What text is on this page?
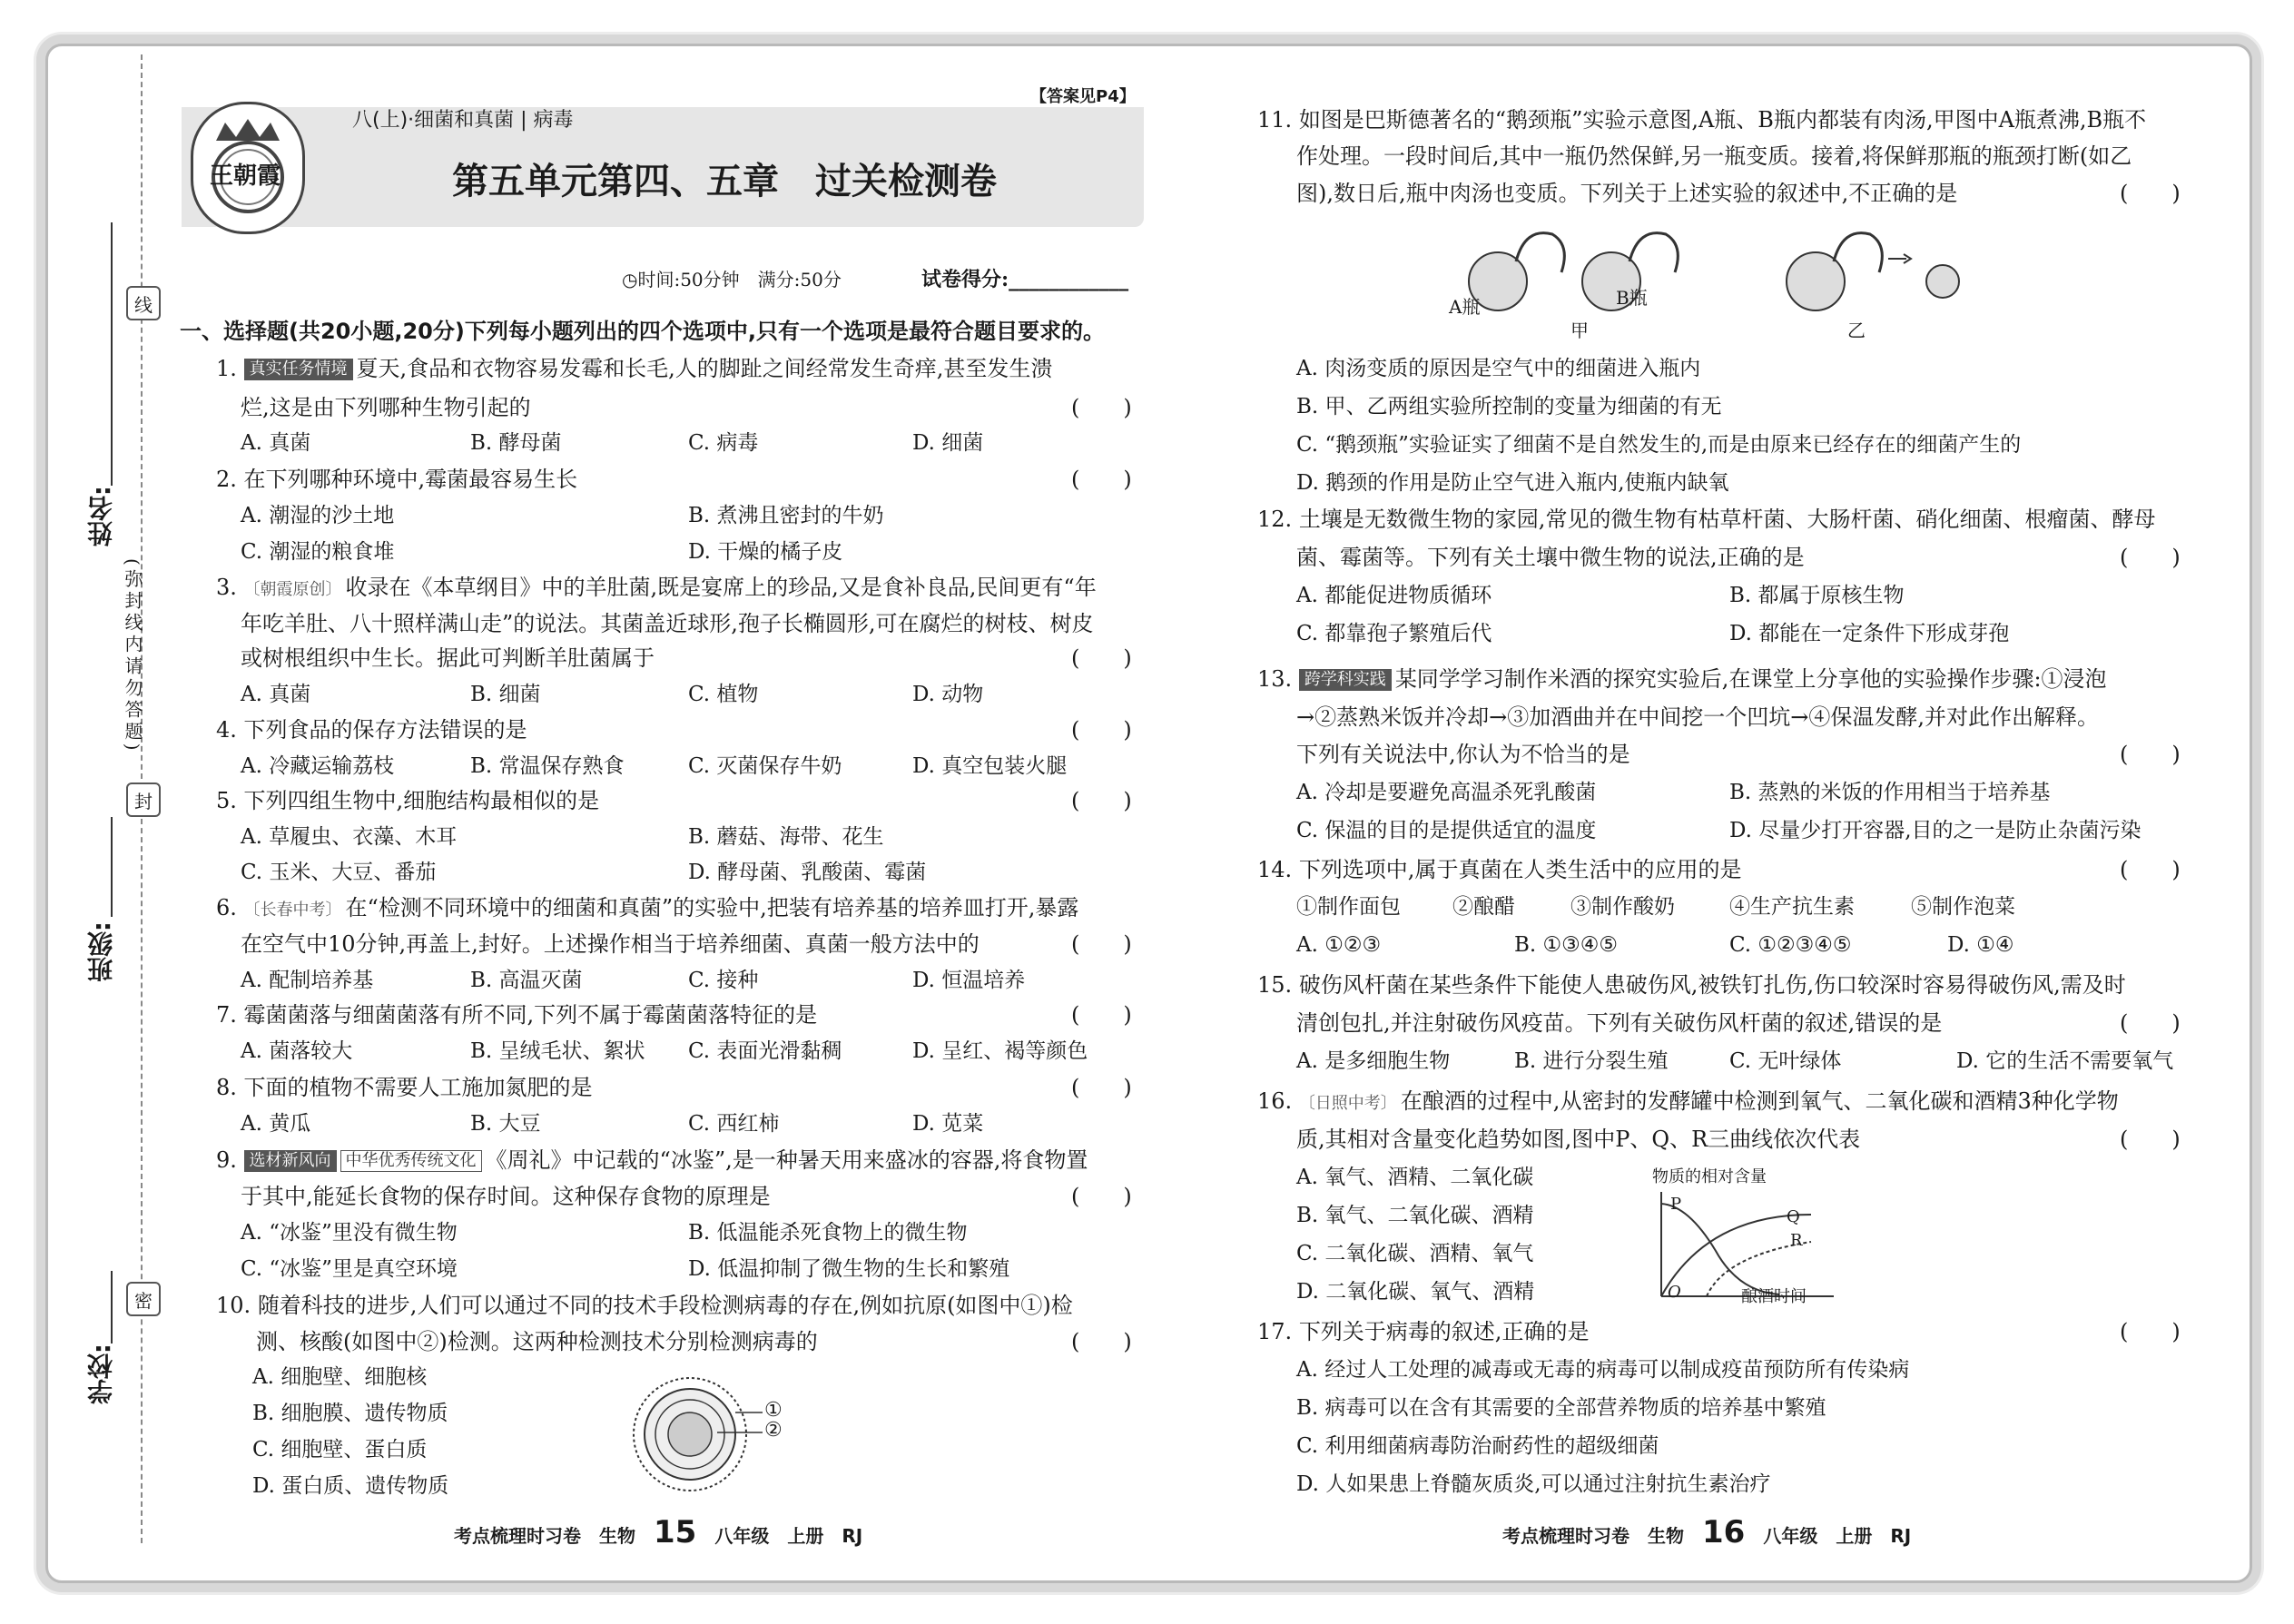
线
封
密
(弥封线内请勿答题)
姓名:
班级:
学校:
王朝霞
八(上)·细菌和真菌 | 病毒
【答案见P4】
第五单元第四、五章　过关检测卷
◷时间:50分钟　满分:50分	试卷得分:____________
一、选择题(共20小题,20分)下列每小题列出的四个选项中,只有一个选项是最符合题目要求的。
1. 真实任务情境 夏天,食品和衣物容易发霉和长毛,人的脚趾之间经常发生奇痒,甚至发生溃
烂,这是由下列哪种生物引起的	(　　)
A. 真菌	B. 酵母菌	C. 病毒	D. 细菌
2. 在下列哪种环境中,霉菌最容易生长	(　　)
A. 潮湿的沙土地	B. 煮沸且密封的牛奶
C. 潮湿的粮食堆	D. 干燥的橘子皮
3. 〔朝霞原创〕 收录在《本草纲目》中的羊肚菌,既是宴席上的珍品,又是食补良品,民间更有“年
年吃羊肚、八十照样满山走”的说法。其菌盖近球形,孢子长椭圆形,可在腐烂的树枝、树皮
或树根组织中生长。据此可判断羊肚菌属于	(　　)
A. 真菌	B. 细菌	C. 植物	D. 动物
4. 下列食品的保存方法错误的是	(　　)
A. 冷藏运输荔枝	B. 常温保存熟食	C. 灭菌保存牛奶	D. 真空包装火腿
5. 下列四组生物中,细胞结构最相似的是	(　　)
A. 草履虫、衣藻、木耳	B. 蘑菇、海带、花生
C. 玉米、大豆、番茄	D. 酵母菌、乳酸菌、霉菌
6. 〔长春中考〕 在“检测不同环境中的细菌和真菌”的实验中,把装有培养基的培养皿打开,暴露
在空气中10分钟,再盖上,封好。上述操作相当于培养细菌、真菌一般方法中的	(　　)
A. 配制培养基	B. 高温灭菌	C. 接种	D. 恒温培养
7. 霉菌菌落与细菌菌落有所不同,下列不属于霉菌菌落特征的是	(　　)
A. 菌落较大	B. 呈绒毛状、絮状 C. 表面光滑黏稠	D. 呈红、褐等颜色
8. 下面的植物不需要人工施加氮肥的是	(　　)
A. 黄瓜	B. 大豆	C. 西红柿	D. 苋菜
9. 选材新风向 中华优秀传统文化 《周礼》中记载的“冰鉴”,是一种暑天用来盛冰的容器,将食物置
于其中,能延长食物的保存时间。这种保存食物的原理是	(　　)
A. “冰鉴”里没有微生物	B. 低温能杀死食物上的微生物
C. “冰鉴”里是真空环境	D. 低温抑制了微生物的生长和繁殖
10. 随着科技的进步,人们可以通过不同的技术手段检测病毒的存在,例如抗原(如图中①)检
测、核酸(如图中②)检测。这两种检测技术分别检测病毒的	(　　)
A. 细胞壁、细胞核
B. 细胞膜、遗传物质
C. 细胞壁、蛋白质
D. 蛋白质、遗传物质
①
②
考点梳理时习卷　生物 15 八年级　上册　RJ
11. 如图是巴斯德著名的“鹅颈瓶”实验示意图,A瓶、B瓶内都装有肉汤,甲图中A瓶煮沸,B瓶不
作处理。一段时间后,其中一瓶仍然保鲜,另一瓶变质。接着,将保鲜那瓶的瓶颈打断(如乙
图),数日后,瓶中肉汤也变质。下列关于上述实验的叙述中,不正确的是	(　　)
A瓶	B瓶
甲	乙
A. 肉汤变质的原因是空气中的细菌进入瓶内
B. 甲、乙两组实验所控制的变量为细菌的有无
C. “鹅颈瓶”实验证实了细菌不是自然发生的,而是由原来已经存在的细菌产生的
D. 鹅颈的作用是防止空气进入瓶内,使瓶内缺氧
12. 土壤是无数微生物的家园,常见的微生物有枯草杆菌、大肠杆菌、硝化细菌、根瘤菌、酵母
菌、霉菌等。下列有关土壤中微生物的说法,正确的是	(　　)
A. 都能促进物质循环	B. 都属于原核生物
C. 都靠孢子繁殖后代	D. 都能在一定条件下形成芽孢
13. 跨学科实践 某同学学习制作米酒的探究实验后,在课堂上分享他的实验操作步骤:①浸泡
→②蒸熟米饭并冷却→③加酒曲并在中间挖一个凹坑→④保温发酵,并对此作出解释。
下列有关说法中,你认为不恰当的是	(　　)
A. 冷却是要避免高温杀死乳酸菌	B. 蒸熟的米饭的作用相当于培养基
C. 保温的目的是提供适宜的温度	D. 尽量少打开容器,目的之一是防止杂菌污染
14. 下列选项中,属于真菌在人类生活中的应用的是	(　　)
①制作面包 ②酿醋	③制作酸奶	④生产抗生素	⑤制作泡菜
A. ①②③	B. ①③④⑤	C. ①②③④⑤	D. ①④
15. 破伤风杆菌在某些条件下能使人患破伤风,被铁钉扎伤,伤口较深时容易得破伤风,需及时
清创包扎,并注射破伤风疫苗。下列有关破伤风杆菌的叙述,错误的是	(　　)
A. 是多细胞生物	B. 进行分裂生殖	C. 无叶绿体	D. 它的生活不需要氧气
16. 〔日照中考〕 在酿酒的过程中,从密封的发酵罐中检测到氧气、二氧化碳和酒精3种化学物
质,其相对含量变化趋势如图,图中P、Q、R三曲线依次代表	(　　)
A. 氧气、酒精、二氧化碳
B. 氧气、二氧化碳、酒精
C. 二氧化碳、酒精、氧气
D. 二氧化碳、氧气、酒精
物质的相对含量
P
Q
R
O	酿酒时间
17. 下列关于病毒的叙述,正确的是	(　　)
A. 经过人工处理的减毒或无毒的病毒可以制成疫苗预防所有传染病
B. 病毒可以在含有其需要的全部营养物质的培养基中繁殖
C. 利用细菌病毒防治耐药性的超级细菌
D. 人如果患上脊髓灰质炎,可以通过注射抗生素治疗
考点梳理时习卷　生物 16 八年级　上册　RJ
